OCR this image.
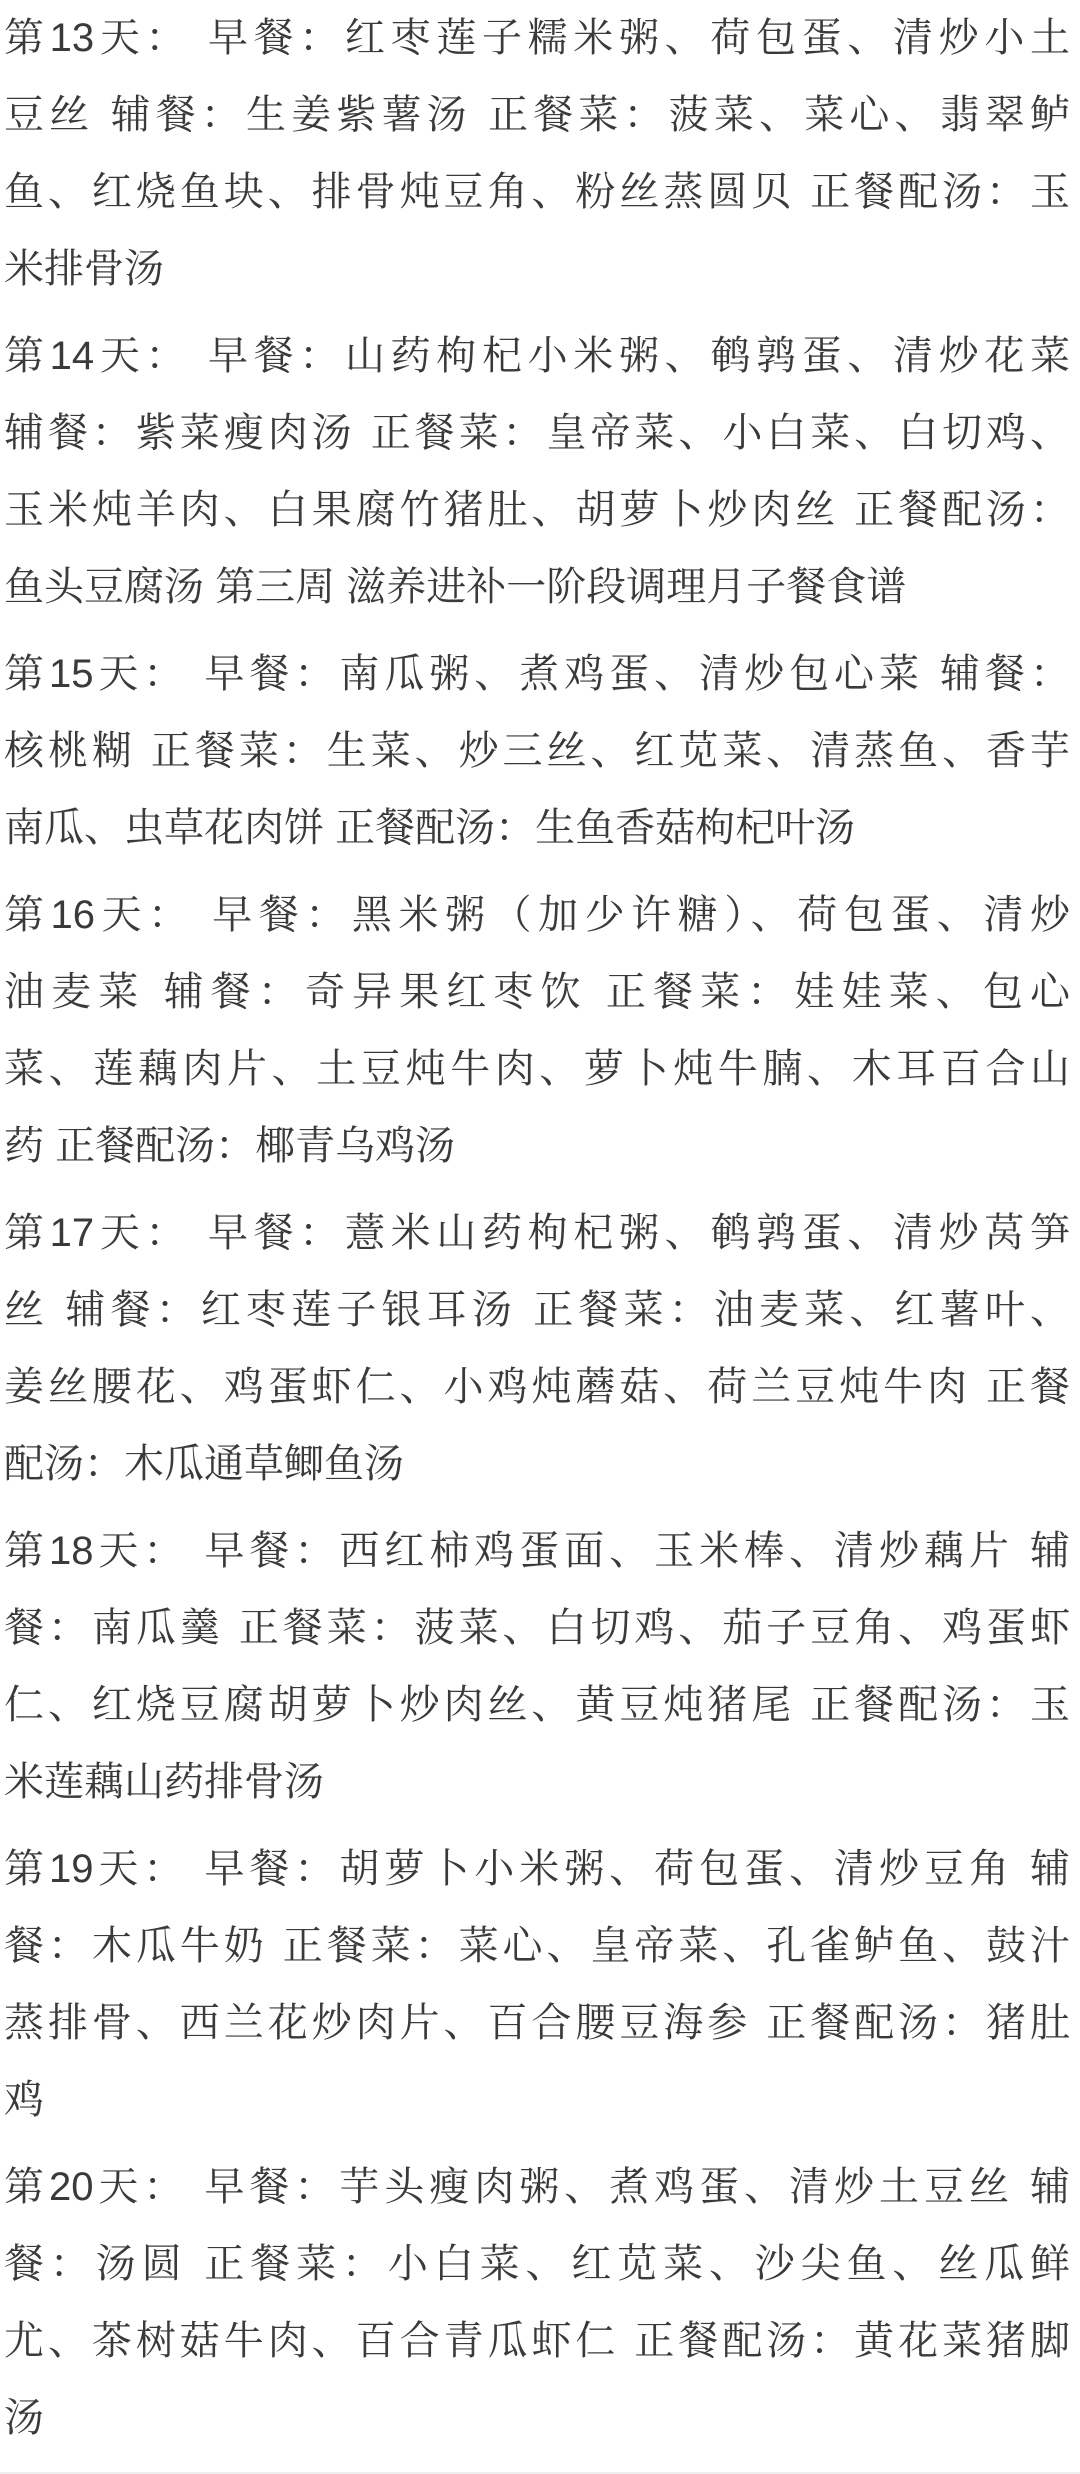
第13天： 早餐：红枣莲子糯米粥、荷包蛋、清炒小土
豆丝 辅餐：生姜紫薯汤 正餐菜：菠菜、菜心、翡翠鲈
鱼、红烧鱼块、排骨炖豆角、粉丝蒸圆贝 正餐配汤：玉
米排骨汤

第14天： 早餐：山药枸杞小米粥、鹌鹑蛋、清炒花菜
辅餐：紫菜瘦肉汤 正餐菜：皇帝菜、小白菜、白切鸡、
玉米炖羊肉、白果腐竹猪肚、胡萝卜炒肉丝 正餐配汤：
鱼头豆腐汤 第三周 滋养进补一阶段调理月子餐食谱

第15天： 早餐：南瓜粥、煮鸡蛋、清炒包心菜 辅餐：
核桃糊 正餐菜：生菜、炒三丝、红苋菜、清蒸鱼、香芋
南瓜、虫草花肉饼 正餐配汤：生鱼香菇枸杞叶汤

第16天： 早餐：黑米粥（加少许糖）、荷包蛋、清炒
油麦菜 辅餐：奇异果红枣饮 正餐菜：娃娃菜、包心
菜、莲藕肉片、土豆炖牛肉、萝卜炖牛腩、木耳百合山
药 正餐配汤：椰青乌鸡汤

第17天： 早餐：薏米山药枸杞粥、鹌鹑蛋、清炒莴笋
丝 辅餐：红枣莲子银耳汤 正餐菜：油麦菜、红薯叶、
姜丝腰花、鸡蛋虾仁、小鸡炖蘑菇、荷兰豆炖牛肉 正餐
配汤：木瓜通草鲫鱼汤

第18天： 早餐：西红柿鸡蛋面、玉米棒、清炒藕片 辅
餐：南瓜羹 正餐菜：菠菜、白切鸡、茄子豆角、鸡蛋虾
仁、红烧豆腐胡萝卜炒肉丝、黄豆炖猪尾 正餐配汤：玉
米莲藕山药排骨汤

第19天： 早餐：胡萝卜小米粥、荷包蛋、清炒豆角 辅
餐：木瓜牛奶 正餐菜：菜心、皇帝菜、孔雀鲈鱼、鼓汁
蒸排骨、西兰花炒肉片、百合腰豆海参 正餐配汤：猪肚
鸡

第20天： 早餐：芋头瘦肉粥、煮鸡蛋、清炒土豆丝 辅
餐：汤圆 正餐菜：小白菜、红苋菜、沙尖鱼、丝瓜鲜
尤、茶树菇牛肉、百合青瓜虾仁 正餐配汤：黄花菜猪脚
汤
